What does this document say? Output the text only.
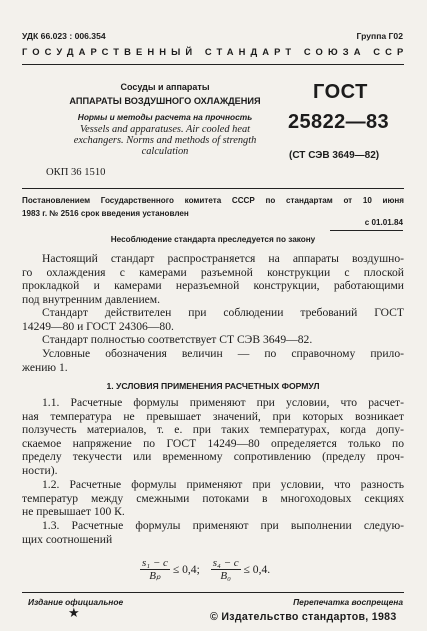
УДК 66.023 : 006.354	Группа Г02
ГОСУДАРСТВЕННЫЙ СТАНДАРТ СОЮЗА ССР
Сосуды и аппараты
АППАРАТЫ ВОЗДУШНОГО ОХЛАЖДЕНИЯ
Нормы и методы расчета на прочность
Vessels and apparatuses. Air cooled heat
exchangers. Norms and methods of strength
calculation
ОКП 36 1510
ГОСТ
25822—83
(СТ СЭВ 3649—82)
Постановлением Государственного комитета СССР по стандартам от 10 июня
1983 г. № 2516 срок введения установлен
с 01.01.84
Несоблюдение стандарта преследуется по закону
Настоящий стандарт распространяется на аппараты воздушно-
го охлаждения с камерами разъемной конструкции с плоской
прокладкой и камерами неразъемной конструкции, работающими
под внутренним давлением.
Стандарт действителен при соблюдении требований ГОСТ
14249—80 и ГОСТ 24306—80.
Стандарт полностью соответствует СТ СЭВ 3649—82.
Условные обозначения величин — по справочному прило-
жению 1.
1. УСЛОВИЯ ПРИМЕНЕНИЯ РАСЧЕТНЫХ ФОРМУЛ
1.1. Расчетные формулы применяют при условии, что расчет-
ная температура не превышает значений, при которых возникает
ползучесть материалов, т. е. при таких температурах, когда допу-
скаемое напряжение по ГОСТ 14249—80 определяется только по
пределу текучести или временному сопротивлению (пределу проч-
ности).
1.2. Расчетные формулы применяют при условии, что разность
температур между смежными потоками в многоходовых секциях
не превышает 100 К.
1.3. Расчетные формулы применяют при выполнении следую-
щих соотношений
$\frac{\text{s₁ − c}}{\text{Bₚ}} \le 0,4$; $\frac{\text{s₄ − c}}{\text{B₀}} \le 0,4$.
Издание официальное	Перепечатка воспрещена
★	© Издательство стандартов, 1983
